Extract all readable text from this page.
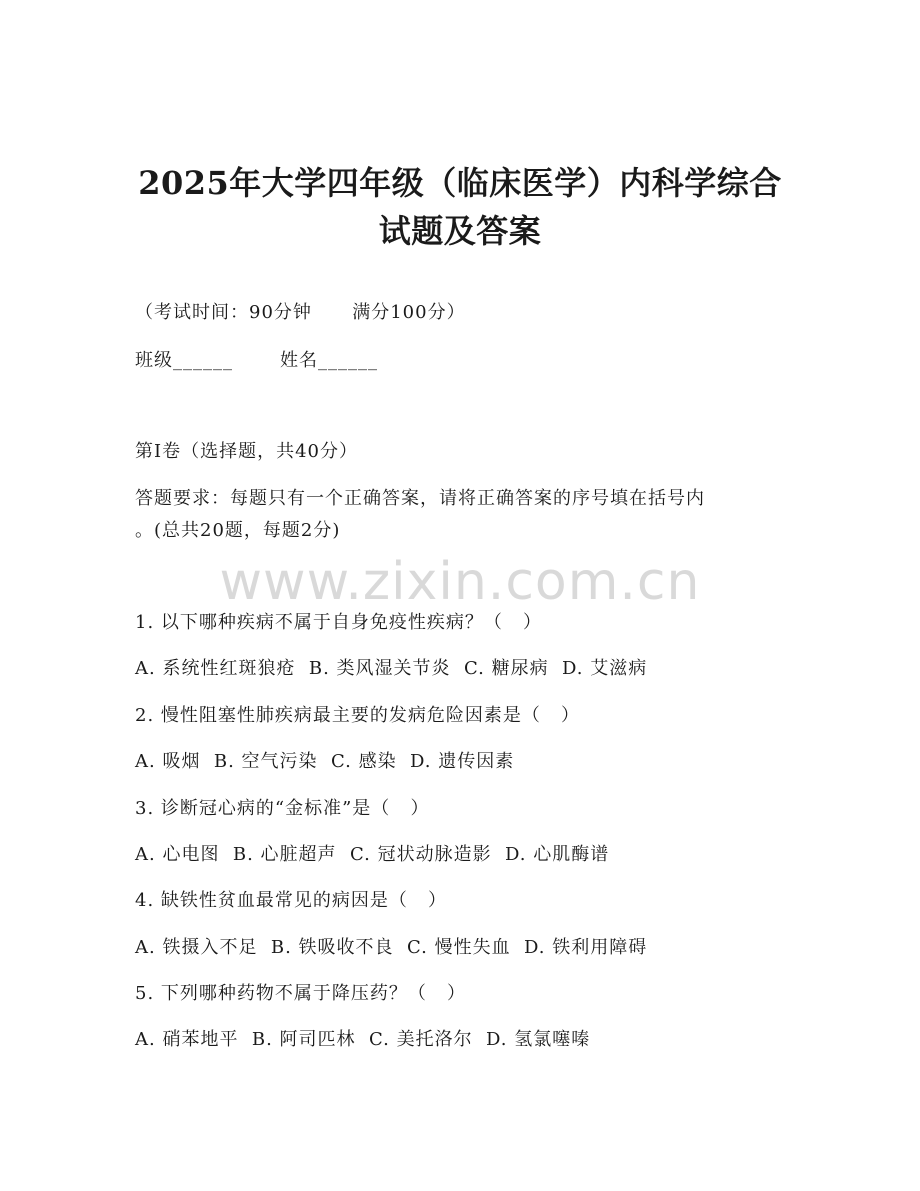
2025年大学四年级（临床医学）内科学综合
试题及答案
（考试时间：90分钟      满分100分）
班级______       姓名______
第I卷（选择题，共40分）
答题要求：每题只有一个正确答案，请将正确答案的序号填在括号内
。(总共20题，每题2分)
www.zixin.com.cn
1. 以下哪种疾病不属于自身免疫性疾病？（   ）
A. 系统性红斑狼疮  B. 类风湿关节炎  C. 糖尿病  D. 艾滋病
2. 慢性阻塞性肺疾病最主要的发病危险因素是（   ）
A. 吸烟  B. 空气污染  C. 感染  D. 遗传因素
3. 诊断冠心病的“金标准”是（   ）
A. 心电图  B. 心脏超声  C. 冠状动脉造影  D. 心肌酶谱
4. 缺铁性贫血最常见的病因是（   ）
A. 铁摄入不足  B. 铁吸收不良  C. 慢性失血  D. 铁利用障碍
5. 下列哪种药物不属于降压药？（   ）
A. 硝苯地平  B. 阿司匹林  C. 美托洛尔  D. 氢氯噻嗪
